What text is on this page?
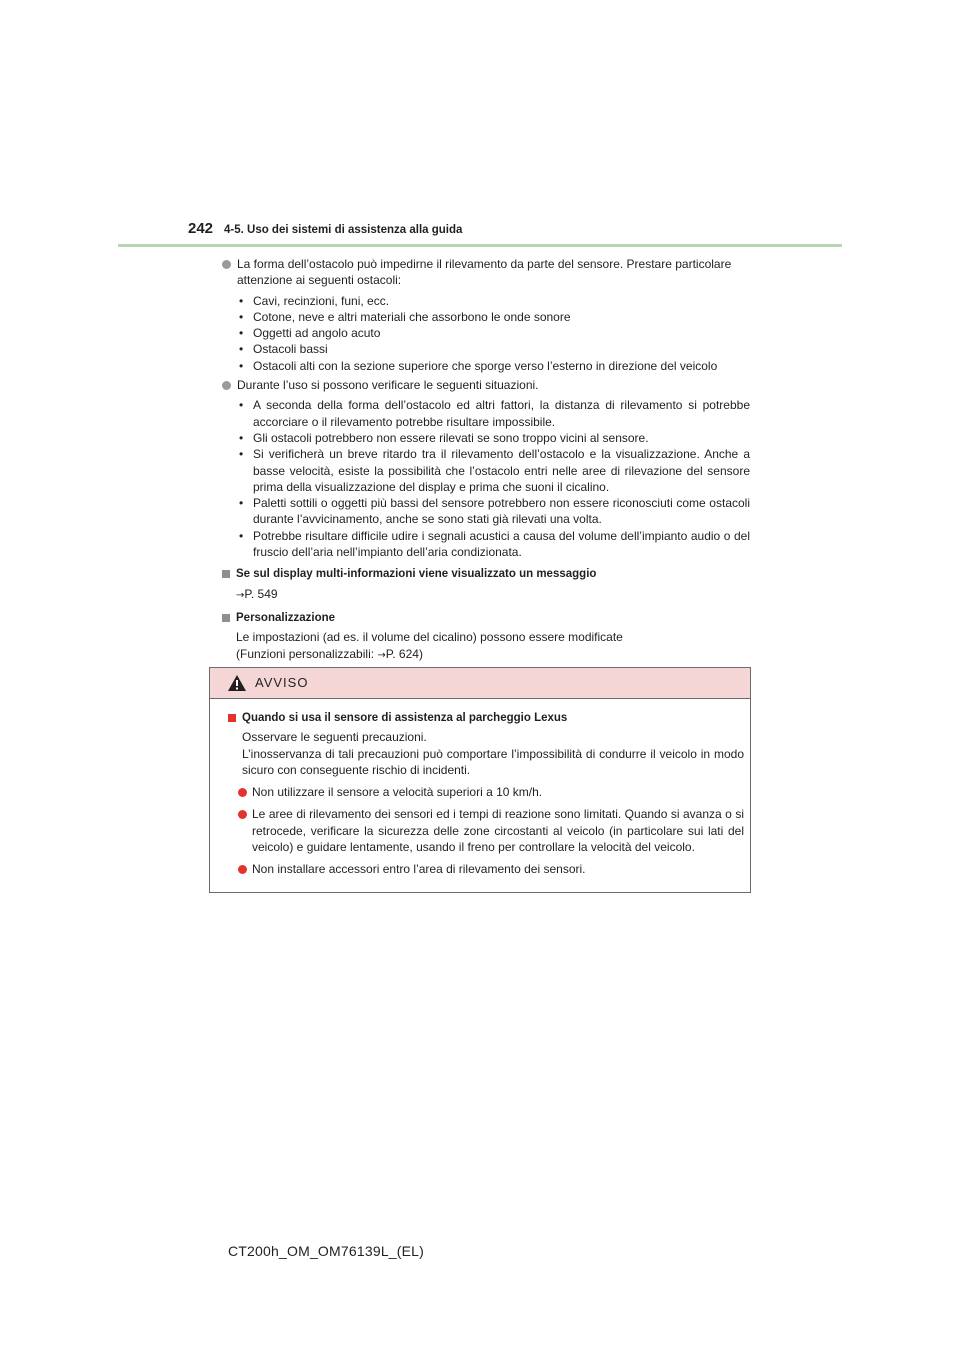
242 4-5. Uso dei sistemi di assistenza alla guida
La forma dell’ostacolo può impedirne il rilevamento da parte del sensore. Prestare particolare attenzione ai seguenti ostacoli:
• Cavi, recinzioni, funi, ecc.
• Cotone, neve e altri materiali che assorbono le onde sonore
• Oggetti ad angolo acuto
• Ostacoli bassi
• Ostacoli alti con la sezione superiore che sporge verso l’esterno in direzione del veicolo
Durante l’uso si possono verificare le seguenti situazioni.
• A seconda della forma dell’ostacolo ed altri fattori, la distanza di rilevamento si potrebbe accorciare o il rilevamento potrebbe risultare impossibile.
• Gli ostacoli potrebbero non essere rilevati se sono troppo vicini al sensore.
• Si verificherà un breve ritardo tra il rilevamento dell’ostacolo e la visualizzazione. Anche a basse velocità, esiste la possibilità che l’ostacolo entri nelle aree di rilevazione del sensore prima della visualizzazione del display e prima che suoni il cicalino.
• Paletti sottili o oggetti più bassi del sensore potrebbero non essere riconosciuti come ostacoli durante l’avvicinamento, anche se sono stati già rilevati una volta.
• Potrebbe risultare difficile udire i segnali acustici a causa del volume dell’impianto audio o del fruscio dell’aria nell’impianto dell’aria condizionata.
Se sul display multi-informazioni viene visualizzato un messaggio
→P. 549
Personalizzazione
Le impostazioni (ad es. il volume del cicalino) possono essere modificate
(Funzioni personalizzabili: →P. 624)
AVVISO
Quando si usa il sensore di assistenza al parcheggio Lexus
Osservare le seguenti precauzioni.
L’inosservanza di tali precauzioni può comportare l’impossibilità di condurre il veicolo in modo sicuro con conseguente rischio di incidenti.
Non utilizzare il sensore a velocità superiori a 10 km/h.
Le aree di rilevamento dei sensori ed i tempi di reazione sono limitati. Quando si avanza o si retrocede, verificare la sicurezza delle zone circostanti al veicolo (in particolare sui lati del veicolo) e guidare lentamente, usando il freno per controllare la velocità del veicolo.
Non installare accessori entro l’area di rilevamento dei sensori.
CT200h_OM_OM76139L_(EL)
